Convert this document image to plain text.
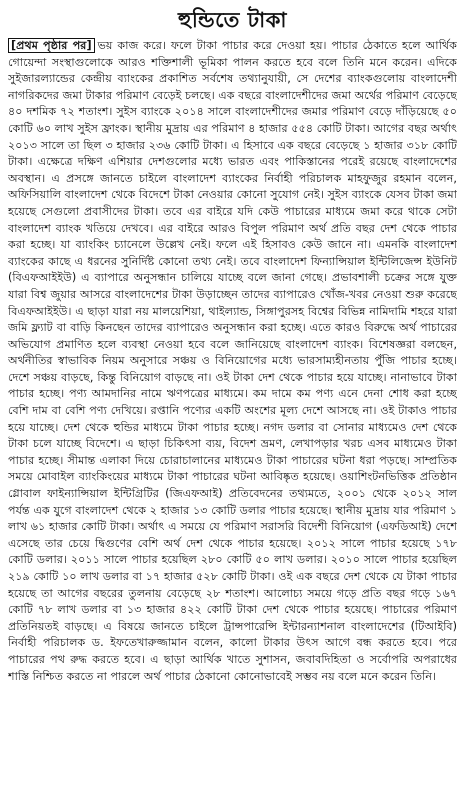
হুন্ডিতে টাকা

[প্রথম পৃষ্ঠার পর] ভয় কাজ করে। ফলে টাকা পাচার করে দেওয়া হয়। পাচার ঠেকাতে হলে আর্থিক গোয়েন্দা সংস্থাগুলোকে আরও শক্তিশালী ভূমিকা পালন করতে হবে বলে তিনি মনে করেন। এদিকে সুইজারল্যান্ডের কেন্দ্রীয় ব্যাংকের প্রকাশিত সর্বশেষ তথ্যানুযায়ী, সে দেশের ব্যাংকগুলোয় বাংলাদেশী নাগরিকদের জমা টাকার পরিমাণ বেড়েই চলছে। এক বছরে বাংলাদেশীদের জমা অর্থের পরিমাণ বেড়েছে ৪০ দশমিক ৭২ শতাংশ। সুইস ব্যাংকে ২০১৪ সালে বাংলাদেশীদের জমার পরিমাণ বেড়ে দাঁড়িয়েছে ৫০ কোটি ৬০ লাখ সুইস ফ্রাংক। স্থানীয় মুদ্রায় এর পরিমাণ ৪ হাজার ৫৫৪ কোটি টাকা। আগের বছর অর্থাৎ ২০১৩ সালে তা ছিল ৩ হাজার ২৩৬ কোটি টাকা। এ হিসাবে এক বছরে বেড়েছে ১ হাজার ৩১৮ কোটি টাকা। এক্ষেত্রে দক্ষিণ এশিয়ার দেশগুলোর মধ্যে ভারত এবং পাকিস্তানের পরেই রয়েছে বাংলাদেশের অবস্থান। এ প্রসঙ্গে জানতে চাইলে বাংলাদেশ ব্যাংকের নির্বাহী পরিচালক মাহফুজুর রহমান বলেন, অফিসিয়ালি বাংলাদেশ থেকে বিদেশে টাকা নেওয়ার কোনো সুযোগ নেই। সুইস ব্যাংকে যেসব টাকা জমা হয়েছে সেগুলো প্রবাসীদের টাকা। তবে এর বাইরে যদি কেউ পাচারের মাধ্যমে জমা করে থাকে সেটা বাংলাদেশ ব্যাংক খতিয়ে দেখবে। এর বাইরে আরও বিপুল পরিমাণ অর্থ প্রতি বছর দেশ থেকে পাচার করা হচ্ছে। যা ব্যাংকিং চ্যানেলে উল্লেখ নেই। ফলে এই হিসাবও কেউ জানে না। এমনকি বাংলাদেশ ব্যাংকের কাছে এ ধরনের সুনির্দিষ্ট কোনো তথ্য নেই। তবে বাংলাদেশ ফিন্যান্সিয়াল ইন্টিলিজেন্স ইউনিট (বিএফআইইউ) এ ব্যাপারে অনুসন্ধান চালিয়ে যাচ্ছে বলে জানা গেছে। প্রভাবশালী চক্রের সঙ্গে যুক্ত যারা বিশ্ব জুয়ার আসরে বাংলাদেশের টাকা উড়াচ্ছেন তাদের ব্যাপারেও খোঁজ-খবর নেওয়া শুরু করেছে বিএফআইইউ। এ ছাড়া যারা নয় মালয়েশিয়া, থাইল্যান্ড, সিঙ্গাপুরসহ বিশ্বের বিভিন্ন নামিদামি শহরে যারা জমি ফ্ল্যাট বা বাড়ি কিনছেন তাদের ব্যাপারেও অনুসন্ধান করা হচ্ছে। এতে কারও বিরুদ্ধে অর্থ পাচারের অভিযোগ প্রমাণিত হলে ব্যবস্থা নেওয়া হবে বলে জানিয়েছে বাংলাদেশ ব্যাংক। বিশেষজ্ঞরা বলছেন, অর্থনীতির স্বাভাবিক নিয়ম অনুসারে সঞ্চয় ও বিনিয়োগের মধ্যে ভারসাম্যহীনতায় পুঁজি পাচার হচ্ছে। দেশে সঞ্চয় বাড়ছে, কিন্তু বিনিয়োগ বাড়ছে না। ওই টাকা দেশ থেকে পাচার হয়ে যাচ্ছে। নানাভাবে টাকা পাচার হচ্ছে। পণ্য আমদানির নামে ঋণপত্রের মাধ্যমে। কম দামে কম পণ্য এনে দেনা শোধ করা হচ্ছে বেশি দাম বা বেশি পণ্য দেখিয়ে। রপ্তানি পণ্যের একটি অংশের মূল্য দেশে আসছে না। ওই টাকাও পাচার হয়ে যাচ্ছে। দেশ থেকে হুন্ডির মাধ্যমে টাকা পাচার হচ্ছে। নগদ ডলার বা সোনার মাধ্যমেও দেশ থেকে টাকা চলে যাচ্ছে বিদেশে। এ ছাড়া চিকিৎসা ব্যয়, বিদেশ ভ্রমণ, লেখাপড়ার খরচ এসব মাধ্যমেও টাকা পাচার হচ্ছে। সীমান্ত এলাকা দিয়ে চোরাচালানের মাধ্যমেও টাকা পাচারের ঘটনা ধরা পড়ছে। সাম্প্রতিক সময়ে মোবাইল ব্যাংকিংয়ের মাধ্যমে টাকা পাচারের ঘটনা আবিষ্কৃত হয়েছে। ওয়াশিংটনভিত্তিক প্রতিষ্ঠান গ্লোবাল ফাইন্যান্সিয়াল ইন্টিগ্রিটির (জিএফআই) প্রতিবেদনের তথ্যমতে, ২০০১ থেকে ২০১২ সাল পর্যন্ত এক যুগে বাংলাদেশ থেকে ২ হাজার ১৩ কোটি ডলার পাচার হয়েছে। স্থানীয় মুদ্রায় যার পরিমাণ ১ লাখ ৬১ হাজার কোটি টাকা। অর্থাৎ এ সময়ে যে পরিমাণ সরাসরি বিদেশী বিনিয়োগ (এফডিআই) দেশে এসেছে তার চেয়ে দ্বিগুণের বেশি অর্থ দেশ থেকে পাচার হয়েছে। ২০১২ সালে পাচার হয়েছে ১৭৮ কোটি ডলার। ২০১১ সালে পাচার হয়েছিল ২৮০ কোটি ৫০ লাখ ডলার। ২০১০ সালে পাচার হয়েছিল ২১৯ কোটি ১০ লাখ ডলার বা ১৭ হাজার ৫২৮ কোটি টাকা। ওই এক বছরে দেশ থেকে যে টাকা পাচার হয়েছে তা আগের বছরের তুলনায় বেড়েছে ২৮ শতাংশ। আলোচ্য সময়ে গড়ে প্রতি বছর গড়ে ১৬৭ কোটি ৭৮ লাখ ডলার বা ১৩ হাজার ৪২২ কোটি টাকা দেশ থেকে পাচার হয়েছে। পাচারের পরিমাণ প্রতিনিয়তই বাড়ছে। এ বিষয়ে জানতে চাইলে ট্রান্সপারেন্সি ইন্টারন্যাশনাল বাংলাদেশের (টিআইবি) নির্বাহী পরিচালক ড. ইফতেখারুজ্জামান বলেন, কালো টাকার উৎস আগে বন্ধ করতে হবে। পরে পাচারের পথ রুদ্ধ করতে হবে। এ ছাড়া আর্থিক খাতে সুশাসন, জবাবদিহিতা ও সর্বোপরি অপরাধের শাস্তি নিশ্চিত করতে না পারলে অর্থ পাচার ঠেকানো কোনোভাবেই সম্ভব নয় বলে মনে করেন তিনি।
